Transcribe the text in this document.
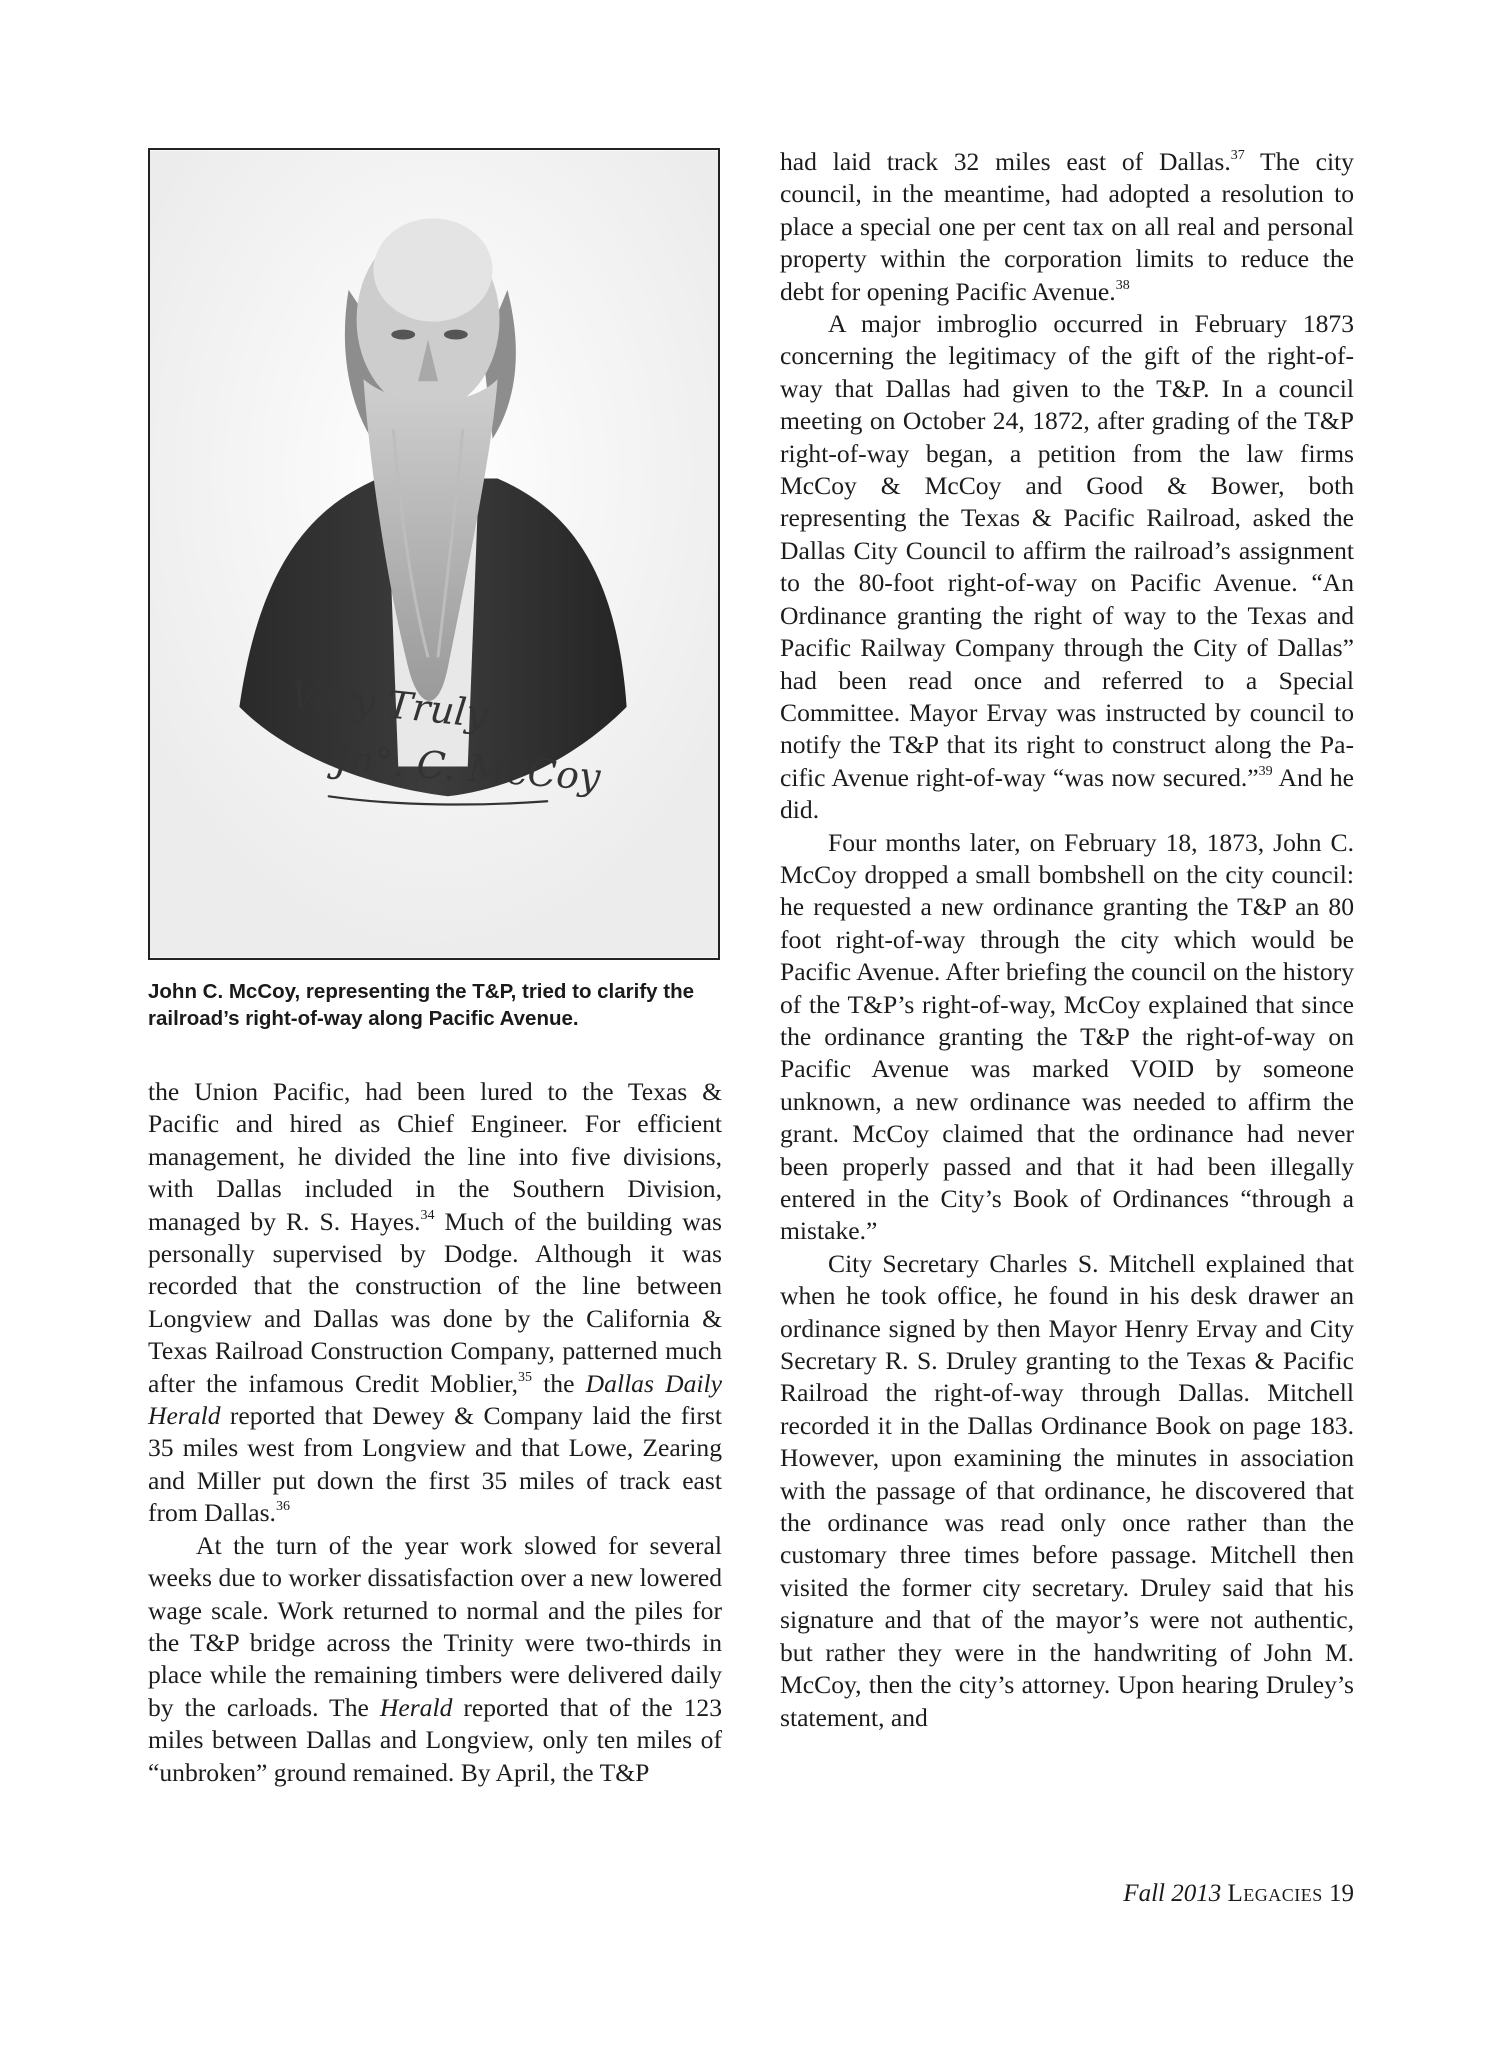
Very Truly
Jn°. C. McCoy
John C. McCoy, representing the T&P, tried to clarify the railroad’s right-of-way along Pacific Avenue.

the Union Pacific, had been lured to the Texas & Pacific and hired as Chief Engineer. For efficient management, he divided the line into five divisions, with Dallas included in the Southern Division, managed by R. S. Hayes.$^{34}$ Much of the building was personally supervised by Dodge. Although it was recorded that the construction of the line between Longview and Dallas was done by the California & Texas Railroad Construction Company, patterned much after the infamous Credit Moblier,$^{35}$ the Dallas Daily Herald reported that Dewey & Company laid the first 35 miles west from Longview and that Lowe, Zearing and Miller put down the first 35 miles of track east from Dallas.$^{36}$

At the turn of the year work slowed for several weeks due to worker dissatisfaction over a new lowered wage scale. Work returned to normal and the piles for the T&P bridge across the Trinity were two-thirds in place while the remaining timbers were delivered daily by the carloads. The Herald reported that of the 123 miles between Dallas and Longview, only ten miles of “unbroken” ground remained. By April, the T&P

had laid track 32 miles east of Dallas.$^{37}$ The city council, in the meantime, had adopted a resolution to place a special one per cent tax on all real and personal property within the corporation limits to reduce the debt for opening Pacific Avenue.$^{38}$

A major imbroglio occurred in February 1873 concerning the legitimacy of the gift of the right-of-way that Dallas had given to the T&P. In a council meeting on October 24, 1872, after grading of the T&P right-of-way began, a petition from the law firms McCoy & McCoy and Good & Bower, both representing the Texas & Pacific Railroad, asked the Dallas City Council to affirm the railroad’s assignment to the 80-foot right-of-way on Pacific Avenue. “An Ordinance granting the right of way to the Texas and Pacific Railway Company through the City of Dallas” had been read once and referred to a Special Committee. Mayor Ervay was instructed by council to notify the T&P that its right to construct along the Pacific Avenue right-of-way “was now secured.”$^{39}$ And he did.

Four months later, on February 18, 1873, John C. McCoy dropped a small bombshell on the city council: he requested a new ordinance granting the T&P an 80 foot right-of-way through the city which would be Pacific Avenue. After briefing the council on the history of the T&P’s right-of-way, McCoy explained that since the ordinance granting the T&P the right-of-way on Pacific Avenue was marked VOID by someone unknown, a new ordinance was needed to affirm the grant. McCoy claimed that the ordinance had never been properly passed and that it had been illegally entered in the City’s Book of Ordinances “through a mistake.”

City Secretary Charles S. Mitchell explained that when he took office, he found in his desk drawer an ordinance signed by then Mayor Henry Ervay and City Secretary R. S. Druley granting to the Texas & Pacific Railroad the right-of-way through Dallas. Mitchell recorded it in the Dallas Ordinance Book on page 183. However, upon examining the minutes in association with the passage of that ordinance, he discovered that the ordinance was read only once rather than the customary three times before passage. Mitchell then visited the former city secretary. Druley said that his signature and that of the mayor’s were not authentic, but rather they were in the handwriting of John M. McCoy, then the city’s attorney. Upon hearing Druley’s statement, and

Fall 2013 Legacies 19
